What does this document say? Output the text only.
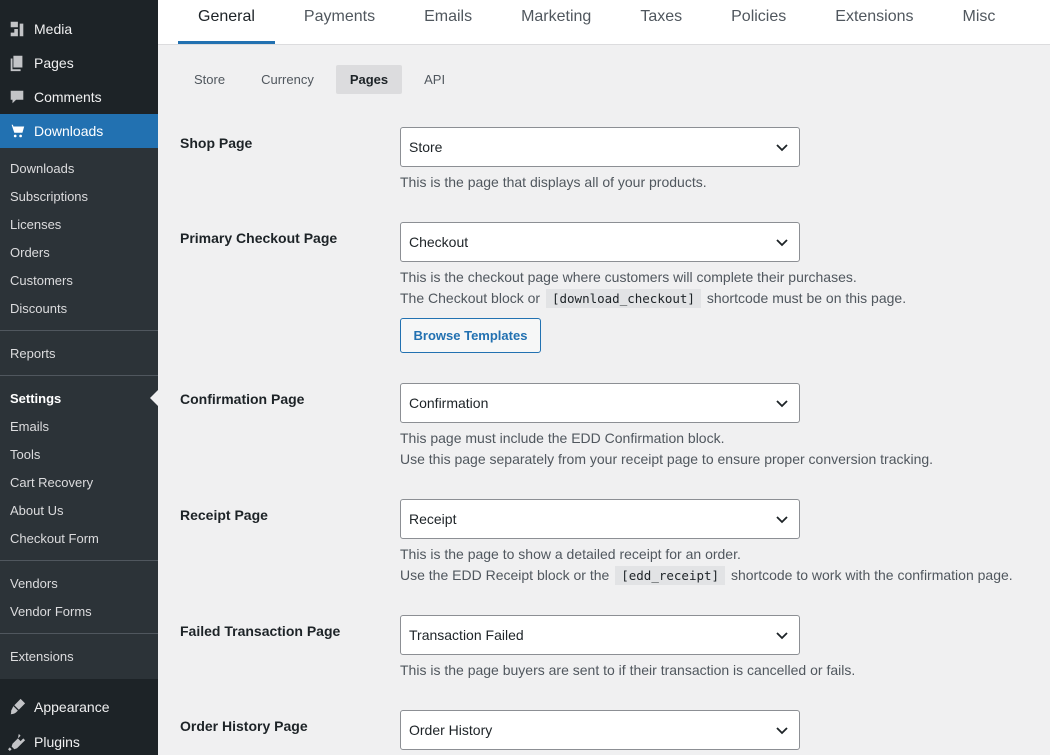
Media
Pages
Comments
Downloads
Downloads
Subscriptions
Licenses
Orders
Customers
Discounts
Reports
Settings
Emails
Tools
Cart Recovery
About Us
Checkout Form
Vendors
Vendor Forms
Extensions
Appearance
Plugins
General	Payments	Emails	Marketing	Taxes	Policies	Extensions	Misc
Store	Currency	Pages	API
Shop Page	Store
This is the page that displays all of your products.
Primary Checkout Page	Checkout
This is the checkout page where customers will complete their purchases.
The Checkout block or [download_checkout] shortcode must be on this page.
Browse Templates
Confirmation Page	Confirmation
This page must include the EDD Confirmation block.
Use this page separately from your receipt page to ensure proper conversion tracking.
Receipt Page	Receipt
This is the page to show a detailed receipt for an order.
Use the EDD Receipt block or the [edd_receipt] shortcode to work with the confirmation page.
Failed Transaction Page	Transaction Failed
This is the page buyers are sent to if their transaction is cancelled or fails.
Order History Page	Order History
